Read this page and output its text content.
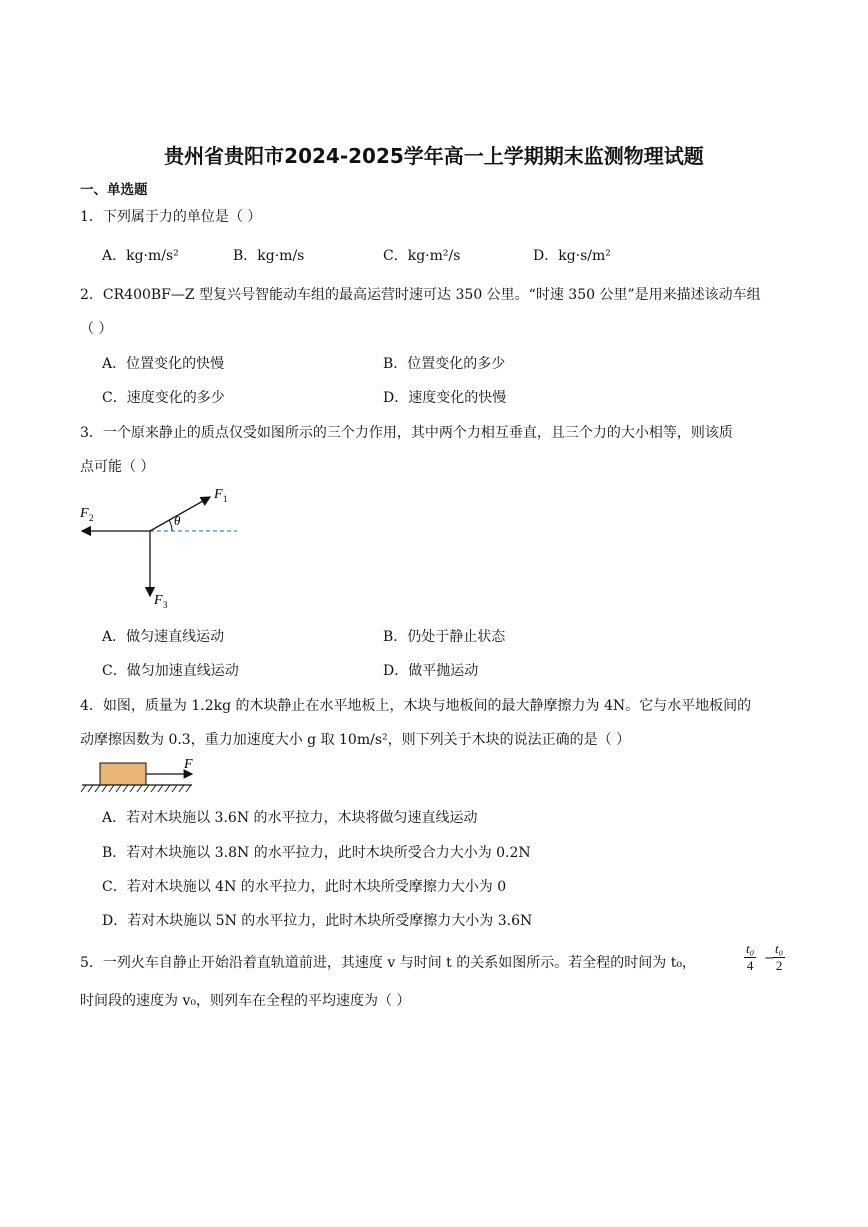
贵州省贵阳市2024-2025学年高一上学期期末监测物理试题
一、单选题
1．下列属于力的单位是（ ）
A．kg·m/s²	B．kg·m/s	C．kg·m²/s	D．kg·s/m²
2．CR400BF—Z 型复兴号智能动车组的最高运营时速可达 350 公里。“时速 350 公里”是用来描述该动车组
（ ）
A．位置变化的快慢	B．位置变化的多少
C．速度变化的多少	D．速度变化的快慢
3．一个原来静止的质点仅受如图所示的三个力作用，其中两个力相互垂直，且三个力的大小相等，则该质
点可能（ ）
θ
F 1
F 2
F 3
A．做匀速直线运动	B．仍处于静止状态
C．做匀加速直线运动	D．做平抛运动
4．如图，质量为 1.2kg 的木块静止在水平地板上，木块与地板间的最大静摩擦力为 4N。它与水平地板间的
动摩擦因数为 0.3，重力加速度大小 g 取 10m/s²，则下列关于木块的说法正确的是（ ）
F
A．若对木块施以 3.6N 的水平拉力，木块将做匀速直线运动
B．若对木块施以 3.8N 的水平拉力，此时木块所受合力大小为 0.2N
C．若对木块施以 4N 的水平拉力，此时木块所受摩擦力大小为 0
D．若对木块施以 5N 的水平拉力，此时木块所受摩擦力大小为 3.6N
5．一列火车自静止开始沿着直轨道前进，其速度 v 与时间 t 的关系如图所示。若全程的时间为 t₀，	$\frac{\text{t₀}}{4}$ −
$\frac{\text{t₀}}{2}$
时间段的速度为 v₀，则列车在全程的平均速度为（ ）
